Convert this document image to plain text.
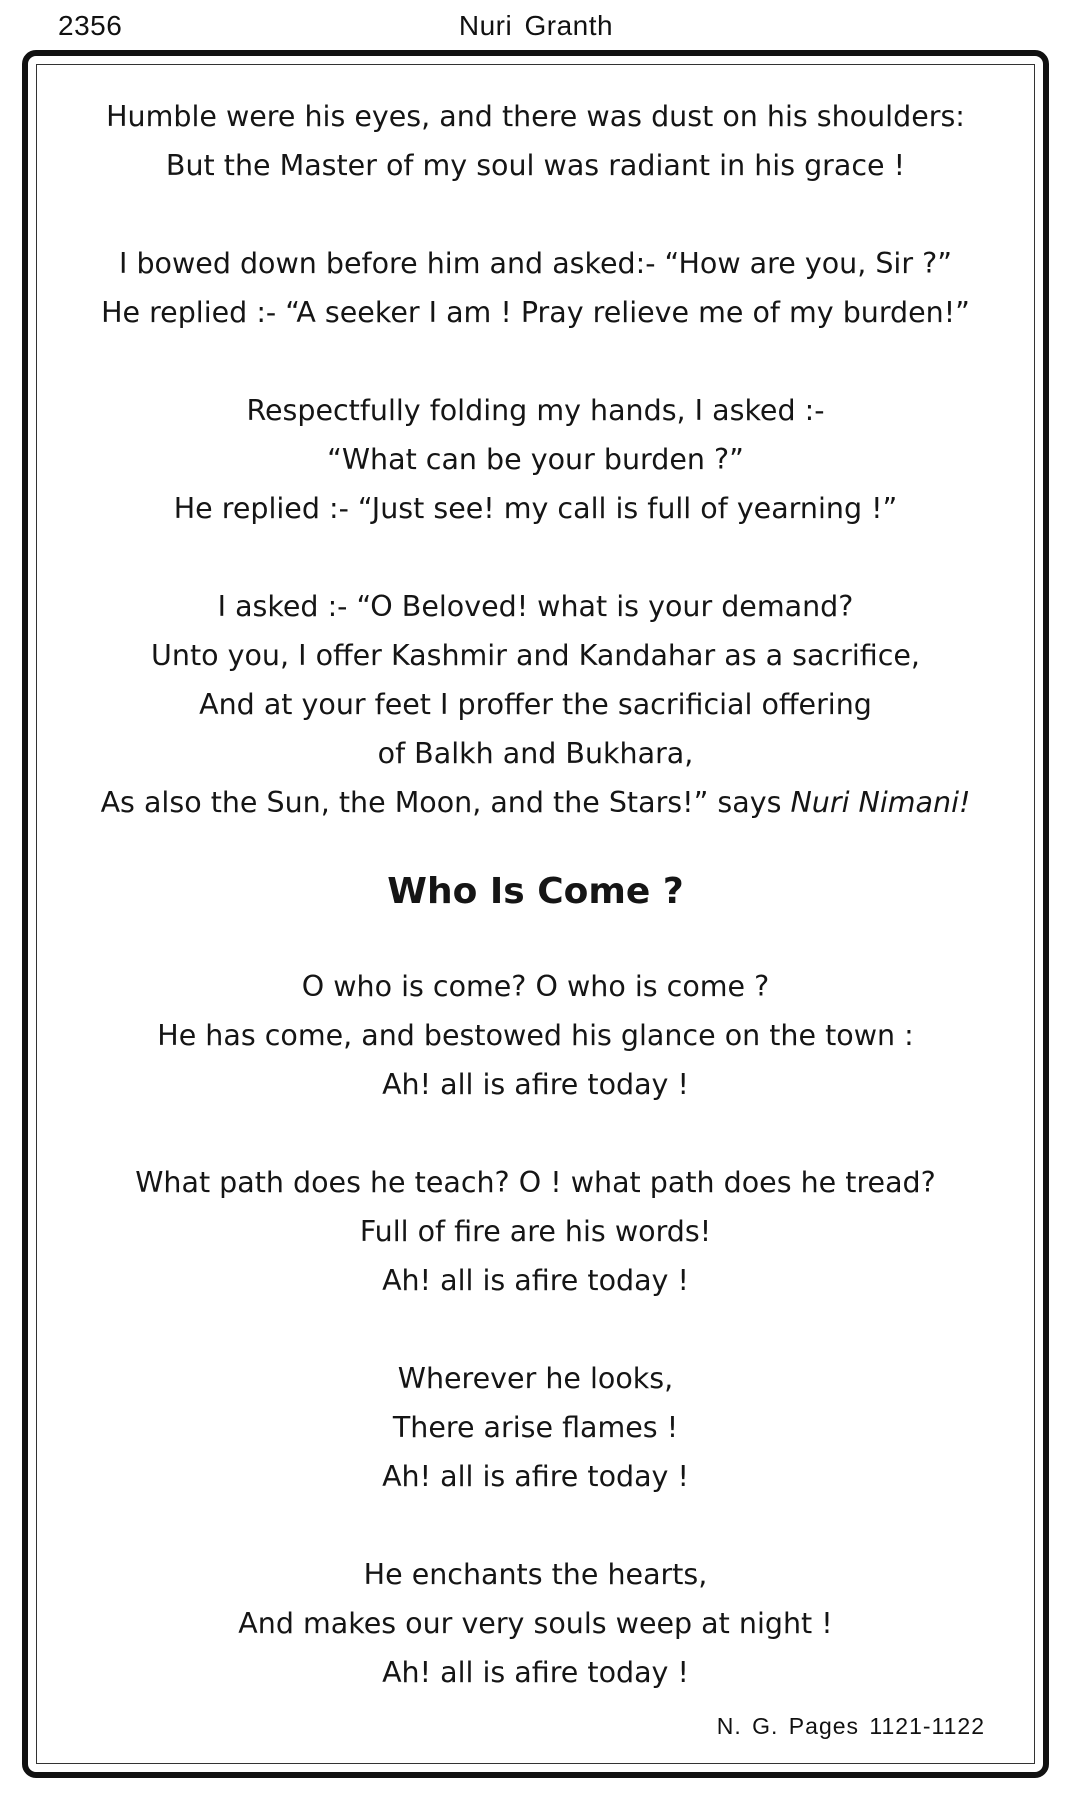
2356	Nuri Granth
Humble were his eyes, and there was dust on his shoulders:
But the Master of my soul was radiant in his grace !
I bowed down before him and asked:- “How are you, Sir ?”
He replied :- “A seeker I am ! Pray relieve me of my burden!”
Respectfully folding my hands, I asked :-
“What can be your burden ?”
He replied :- “Just see! my call is full of yearning !”
I asked :- “O Beloved! what is your demand?
Unto you, I offer Kashmir and Kandahar as a sacrifice,
And at your feet I proffer the sacrificial offering
of Balkh and Bukhara,
As also the Sun, the Moon, and the Stars!” says Nuri Nimani!
Who Is Come ?
O who is come? O who is come ?
He has come, and bestowed his glance on the town :
Ah! all is afire today !
What path does he teach? O ! what path does he tread?
Full of fire are his words!
Ah! all is afire today !
Wherever he looks,
There arise flames !
Ah! all is afire today !
He enchants the hearts,
And makes our very souls weep at night !
Ah! all is afire today !
N. G. Pages 1121-1122
